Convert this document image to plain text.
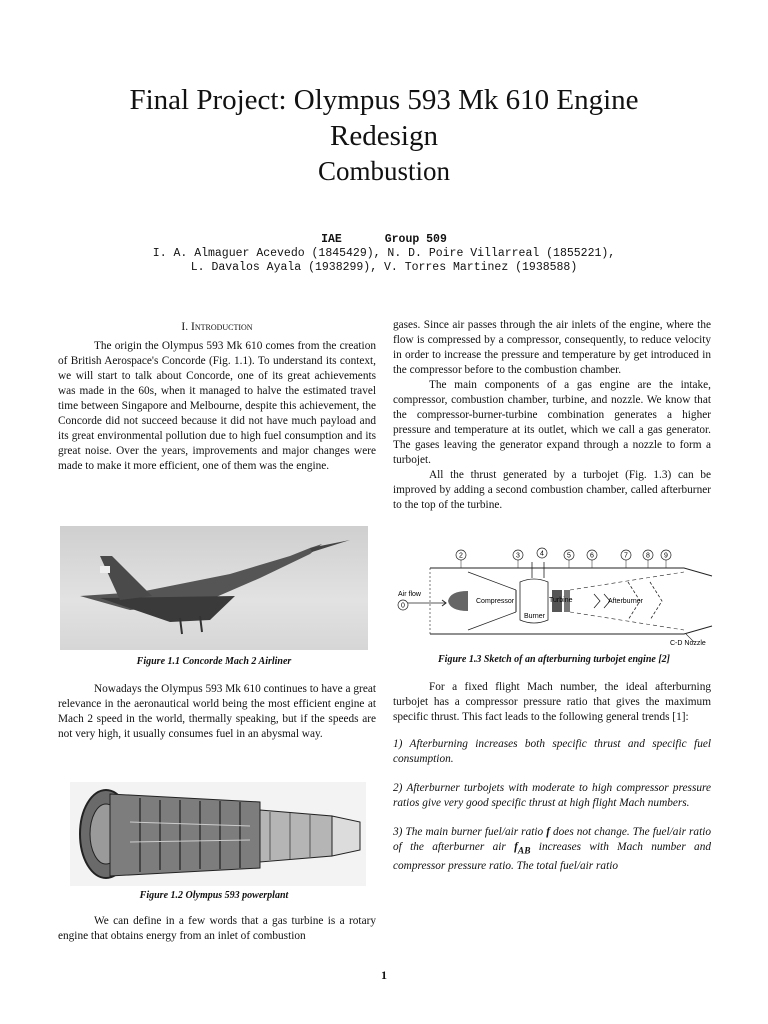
Final Project: Olympus 593 Mk 610 Engine
Redesign
Combustion
IAE	Group 509
I. A. Almaguer Acevedo (1845429), N. D. Poire Villarreal (1855221),
L. Davalos Ayala (1938299), V. Torres Martinez (1938588)
I. Introduction

The origin the Olympus 593 Mk 610 comes from the creation of British Aerospace's Concorde (Fig. 1.1). To understand its context, we will start to talk about Concorde, one of its great achievements was made in the 60s, when it managed to halve the estimated travel time between Singapore and Melbourne, despite this achievement, the Concorde did not succeed because it did not have much payload and its great environmental pollution due to high fuel consumption and its great noise. Over the years, improvements and major changes were made to make it more efficient, one of them was the engine.

Figure 1.1 Concorde Mach 2 Airliner

Nowadays the Olympus 593 Mk 610 continues to have a great relevance in the aeronautical world being the most efficient engine at Mach 2 speed in the world, thermally speaking, but if the speeds are not very high, it usually consumes fuel in an abysmal way.

Figure 1.2 Olympus 593 powerplant

We can define in a few words that a gas turbine is a rotary engine that obtains energy from an inlet of combustion

gases. Since air passes through the air inlets of the engine, where the flow is compressed by a compressor, consequently, to reduce velocity in order to increase the pressure and temperature by get introduced in the compressor before to the combustion chamber.

The main components of a gas engine are the intake, compressor, combustion chamber, turbine, and nozzle. We know that the compressor-burner-turbine combination generates a higher pressure and temperature at its outlet, which we call a gas generator. The gases leaving the generator expand through a nozzle to form a turbojet.

All the thrust generated by a turbojet (Fig. 1.3) can be improved by adding a second combustion chamber, called afterburner to the top of the turbine.

2	3	4	5	6	7	8 9
0
Air flow
Compressor	Turbine
Burner
Afterburner
C-D Nozzle
Figure 1.3 Sketch of an afterburning turbojet engine [2]

For a fixed flight Mach number, the ideal afterburning turbojet has a compressor pressure ratio that gives the maximum specific thrust. This fact leads to the following general trends [1]:

1) Afterburning increases both specific thrust and specific fuel consumption.

2) Afterburner turbojets with moderate to high compressor pressure ratios give very good specific thrust at high flight Mach numbers.

3) The main burner fuel/air ratio f does not change. The fuel/air ratio of the afterburner air $f_{AB}$ increases with Mach number and compressor pressure ratio. The total fuel/air ratio

1
